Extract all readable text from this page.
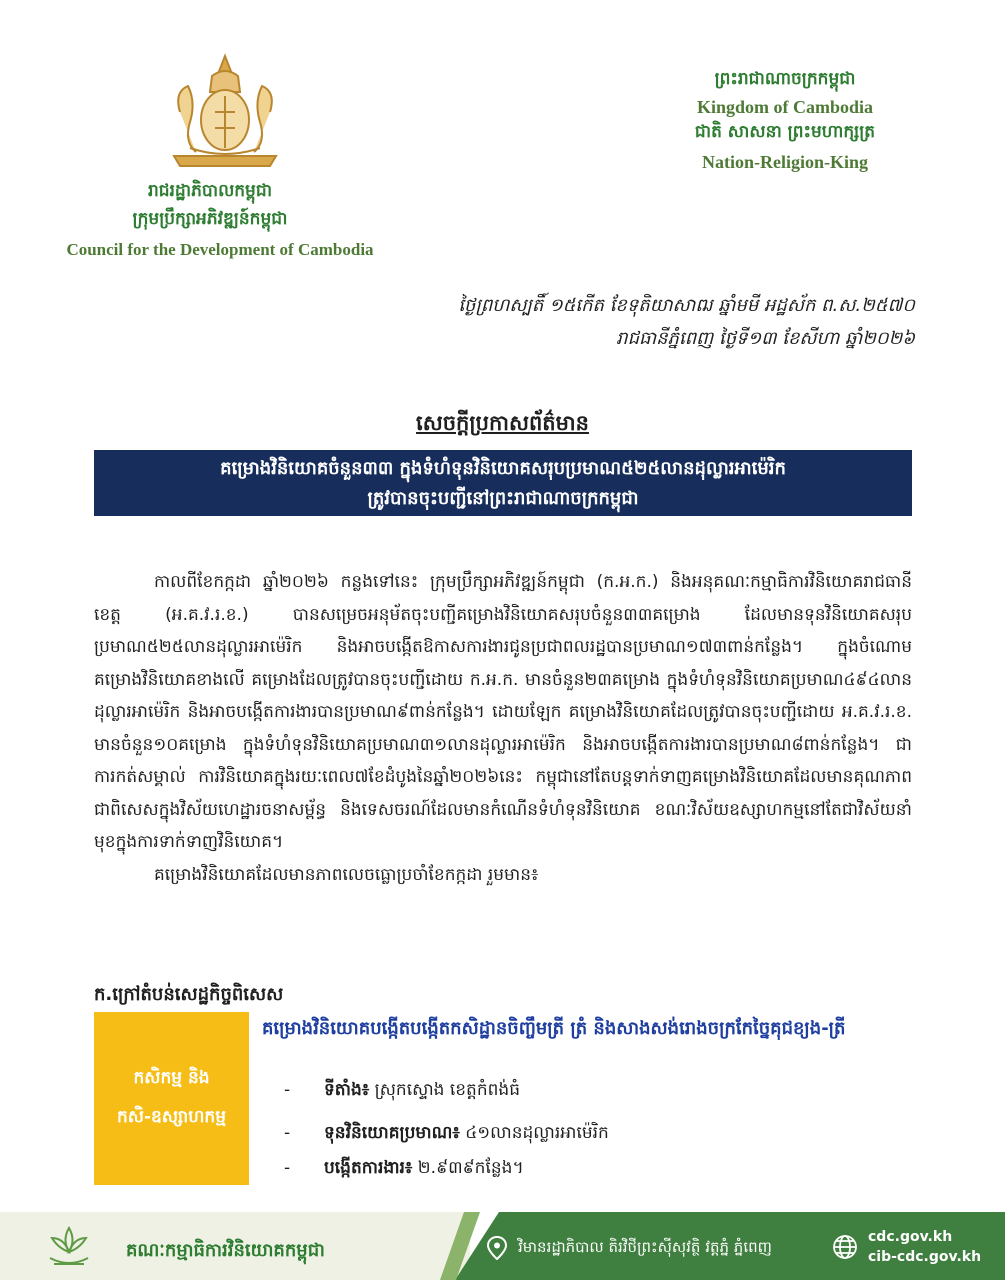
រាជរដ្ឋាភិបាលកម្ពុជា
ក្រុមប្រឹក្សាអភិវឌ្ឍន៍កម្ពុជា
Council for the Development of Cambodia
ព្រះរាជាណាចក្រកម្ពុជា
Kingdom of Cambodia
ជាតិ សាសនា ព្រះមហាក្សត្រ
Nation-Religion-King
ថ្ងៃព្រហស្បតិ៍ ១៥កើត ខែទុតិយាសាឍ ឆ្នាំមមី អដ្ឋស័ក ព.ស.២៥៧០
រាជធានីភ្នំពេញ ថ្ងៃទី១៣ ខែសីហា ឆ្នាំ២០២៦
សេចក្តីប្រកាសព័ត៌មាន
គម្រោងវិនិយោគចំនួន៣៣ ក្នុងទំហំទុនវិនិយោគសរុបប្រមាណ៥២៥លានដុល្លារអាម៉េរិក
ត្រូវបានចុះបញ្ជីនៅព្រះរាជាណាចក្រកម្ពុជា

កាលពីខែកក្កដា ឆ្នាំ២០២៦ កន្លងទៅនេះ ក្រុមប្រឹក្សាអភិវឌ្ឍន៍កម្ពុជា (ក.អ.ក.) និងអនុគណៈកម្មាធិការវិនិយោគរាជធានី ខេត្ត (អ.គ.វ.រ.ខ.) បានសម្រេចអនុម័តចុះបញ្ជីគម្រោងវិនិយោគសរុបចំនួន៣៣គម្រោង ដែលមានទុនវិនិយោគសរុបប្រមាណ៥២៥លានដុល្លារអាម៉េរិក និងអាចបង្កើតឱកាសការងារជូនប្រជាពលរដ្ឋបានប្រមាណ១៧៣ពាន់កន្លែង។ ក្នុងចំណោមគម្រោងវិនិយោគខាងលើ គម្រោងដែលត្រូវបានចុះបញ្ជីដោយ ក.អ.ក. មានចំនួន២៣គម្រោង ក្នុងទំហំទុនវិនិយោគប្រមាណ៤៩៤លានដុល្លារអាម៉េរិក និងអាចបង្កើតការងារបានប្រមាណ៩ពាន់កន្លែង។ ដោយឡែក គម្រោងវិនិយោគដែលត្រូវបានចុះបញ្ជីដោយ អ.គ.វ.រ.ខ. មានចំនួន១០គម្រោង ក្នុងទំហំទុនវិនិយោគប្រមាណ៣១លានដុល្លារអាម៉េរិក និងអាចបង្កើតការងារបានប្រមាណ៨ពាន់កន្លែង។ ជាការកត់សម្គាល់ ការវិនិយោគក្នុងរយៈពេល៧ខែដំបូងនៃឆ្នាំ២០២៦នេះ កម្ពុជានៅតែបន្តទាក់ទាញគម្រោងវិនិយោគដែលមានគុណភាព ជាពិសេសក្នុងវិស័យហេដ្ឋារចនាសម្ព័ន្ធ និងទេសចរណ៍ដែលមានកំណើនទំហំទុនវិនិយោគ ខណៈវិស័យឧស្សាហកម្មនៅតែជាវិស័យនាំមុខក្នុងការទាក់ទាញវិនិយោគ។

គម្រោងវិនិយោគដែលមានភាពលេចធ្លោប្រចាំខែកក្កដា រួមមាន៖

ក.ក្រៅតំបន់សេដ្ឋកិច្ចពិសេស
កសិកម្ម និង
កសិ-ឧស្សាហកម្ម
គម្រោងវិនិយោគបង្កើតបង្កើតកសិដ្ឋានចិញ្ចឹមត្រី ត្រំ និងសាងសង់រោងចក្រកែច្នៃគុជខ្យង-ត្រី
- ទីតាំង៖ ស្រុកស្ទោង ខេត្តកំពង់ធំ
- ទុនវិនិយោគប្រមាណ៖ ៤១លានដុល្លារអាម៉េរិក
- បង្កើតការងារ៖ ២.៩៣៩កន្លែង។
គណៈកម្មាធិការវិនិយោគកម្ពុជា	វិមានរដ្ឋាភិបាល តិរវិថីព្រះស៊ីសុវត្ថិ វត្តភ្នំ ភ្នំពេញ
cdc.gov.kh
cib-cdc.gov.kh
